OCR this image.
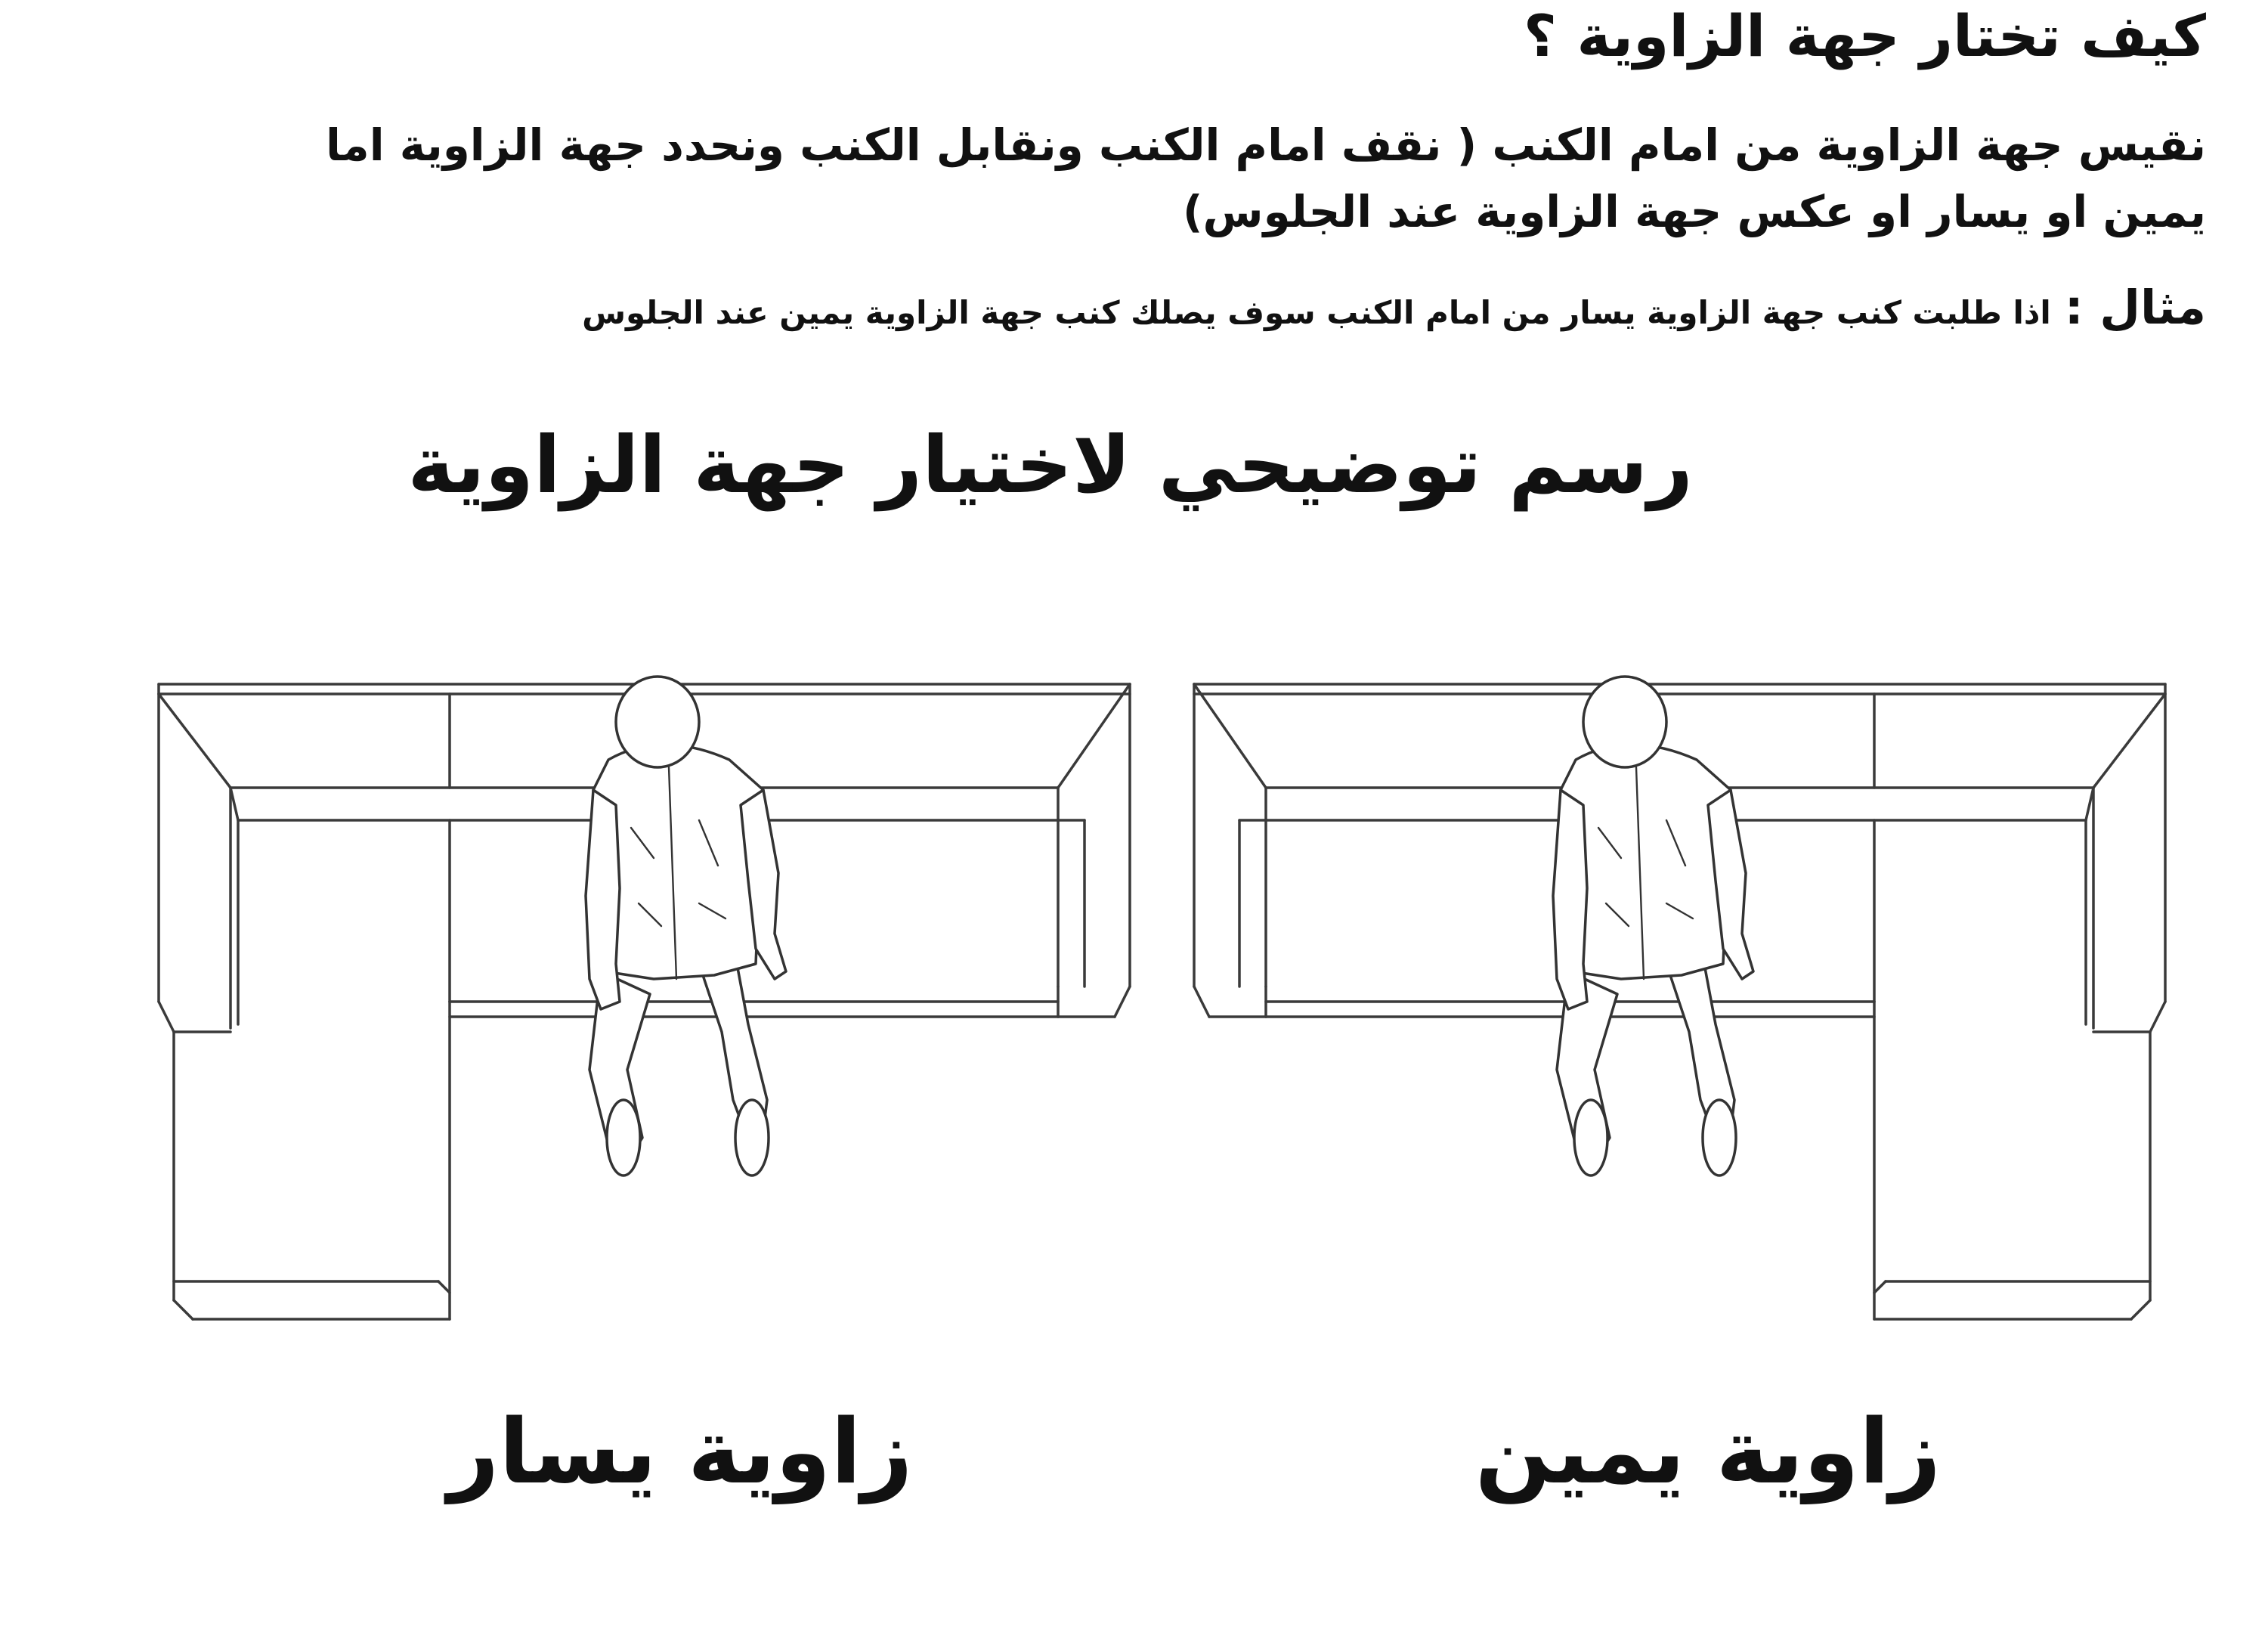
كيف تختار جهة الزاوية ؟

نقيس جهة الزاوية من امام الكنب ( نقف امام الكنب ونقابل الكنب ونحدد جهة الزاوية اما يمين او يسار او عكس جهة الزاوية عند الجلوس)

مثال :اذا طلبت كنب جهة الزاوية يسار من امام الكنب سوف يصلك كنب جهة الزاوية يمين عند الجلوس

رسم توضيحي لاختيار جهة الزاوية

زاوية يسار	زاوية يمين
